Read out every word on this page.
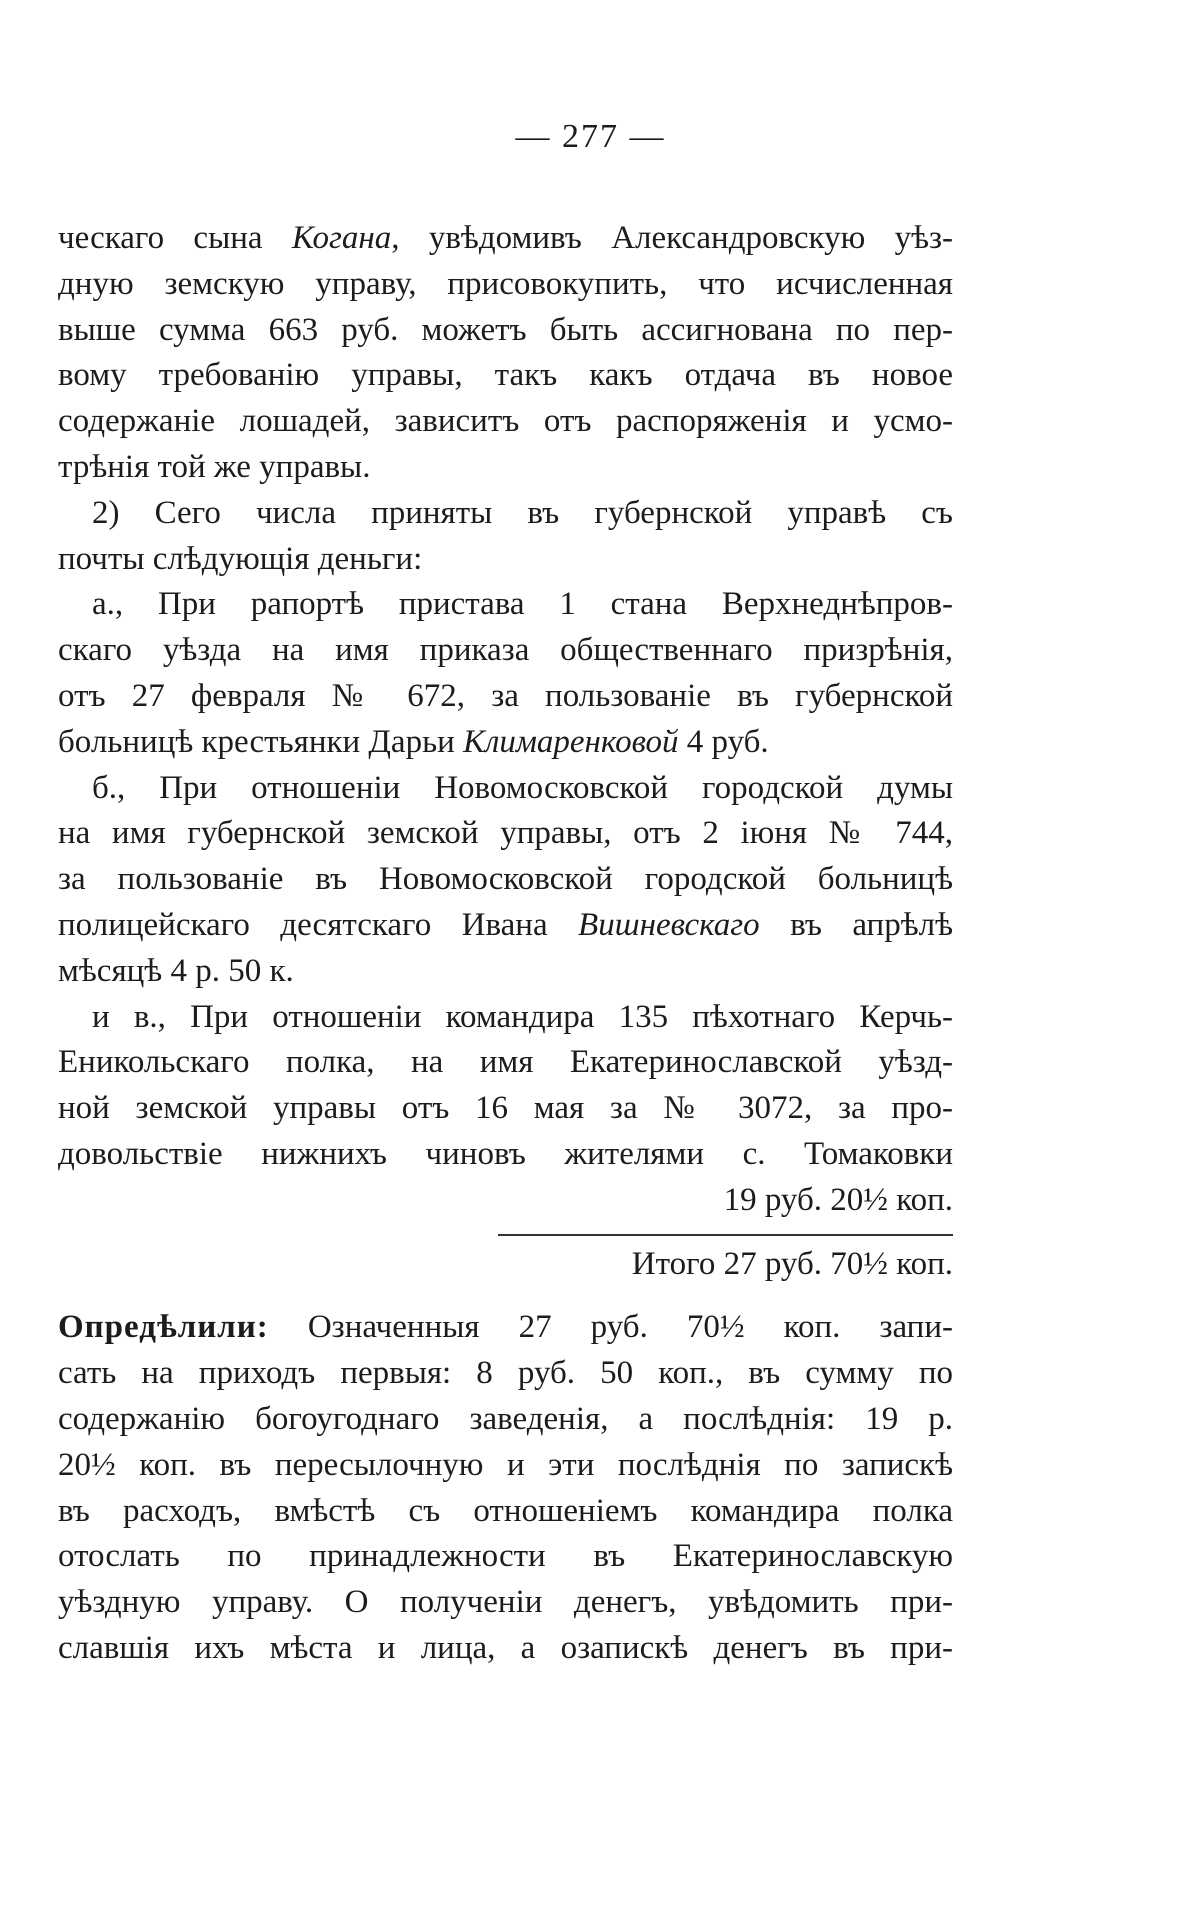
— 277 —
ческаго сына Когана, увѣдомивъ Александровскую уѣз-
дную земскую управу, присовокупить, что исчисленная
выше сумма 663 руб. можетъ быть ассигнована по пер-
вому требованію управы, такъ какъ отдача въ новое
содержаніе лошадей, зависитъ отъ распоряженія и усмо-
трѣнія той же управы.
2) Сего числа приняты въ губернской управѣ съ
почты слѣдующія деньги:
а., При рапортѣ пристава 1 стана Верхнеднѣпров-
скаго уѣзда на имя приказа общественнаго призрѣнія,
отъ 27 февраля № 672, за пользованіе въ губернской
больницѣ крестьянки Дарьи Климаренковой 4 руб.
б., При отношеніи Новомосковской городской думы
на имя губернской земской управы, отъ 2 іюня № 744,
за пользованіе въ Новомосковской городской больницѣ
полицейскаго десятскаго Ивана Вишневскаго въ апрѣлѣ
мѣсяцѣ 4 р. 50 к.
и в., При отношеніи командира 135 пѣхотнаго Керчь-
Еникольскаго полка, на имя Екатеринославской уѣзд-
ной земской управы отъ 16 мая за № 3072, за про-
довольствіе нижнихъ чиновъ жителями с. Томаковки
19 руб. 20½ коп.
Итого 27 руб. 70½ коп.
Опредѣлили: Означенныя 27 руб. 70½ коп. запи-
сать на приходъ первыя: 8 руб. 50 коп., въ сумму по
содержанію богоугоднаго заведенія, а послѣднія: 19 р.
20½ коп. въ пересылочную и эти послѣднія по запискѣ
въ расходъ, вмѣстѣ съ отношеніемъ командира полка
отослать по принадлежности въ Екатеринославскую
уѣздную управу. О полученіи денегъ, увѣдомить при-
славшія ихъ мѣста и лица, а озапискѣ денегъ въ при-
